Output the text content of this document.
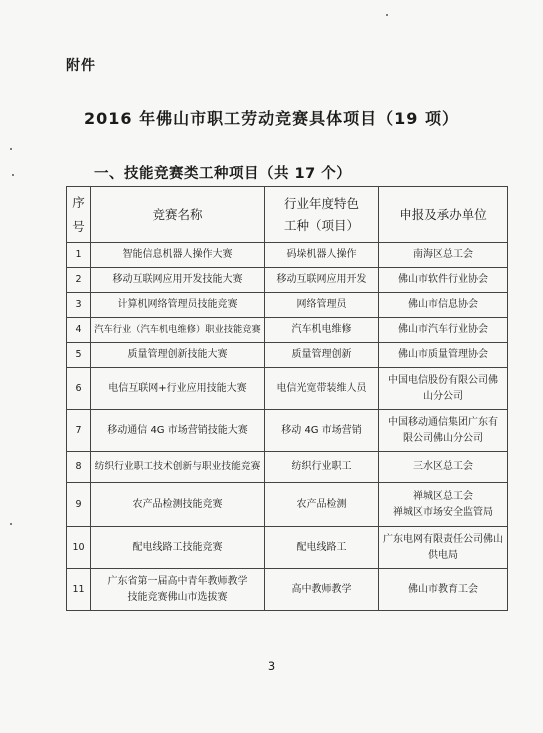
附件
2016 年佛山市职工劳动竞赛具体项目（19 项）
一、技能竞赛类工种项目（共 17 个）
序
号	竞赛名称	行业年度特色
工种（项目）	申报及承办单位
1	智能信息机器人操作大赛	码垛机器人操作	南海区总工会
2	移动互联网应用开发技能大赛	移动互联网应用开发	佛山市软件行业协会
3	计算机网络管理员技能竞赛	网络管理员	佛山市信息协会
4	汽车行业（汽车机电维修）职业技能竞赛	汽车机电维修	佛山市汽车行业协会
5	质量管理创新技能大赛	质量管理创新	佛山市质量管理协会
6	电信互联网+行业应用技能大赛	电信光宽带装维人员	中国电信股份有限公司佛
山分公司
7	移动通信 4G 市场营销技能大赛	移动 4G 市场营销	中国移动通信集团广东有
限公司佛山分公司
8	纺织行业职工技术创新与职业技能竞赛	纺织行业职工	三水区总工会
9	农产品检测技能竞赛	农产品检测	禅城区总工会
禅城区市场安全监管局
10	配电线路工技能竞赛	配电线路工	广东电网有限责任公司佛山
供电局
11	广东省第一届高中青年教师教学
技能竞赛佛山市选拔赛	高中教师教学	佛山市教育工会
3
